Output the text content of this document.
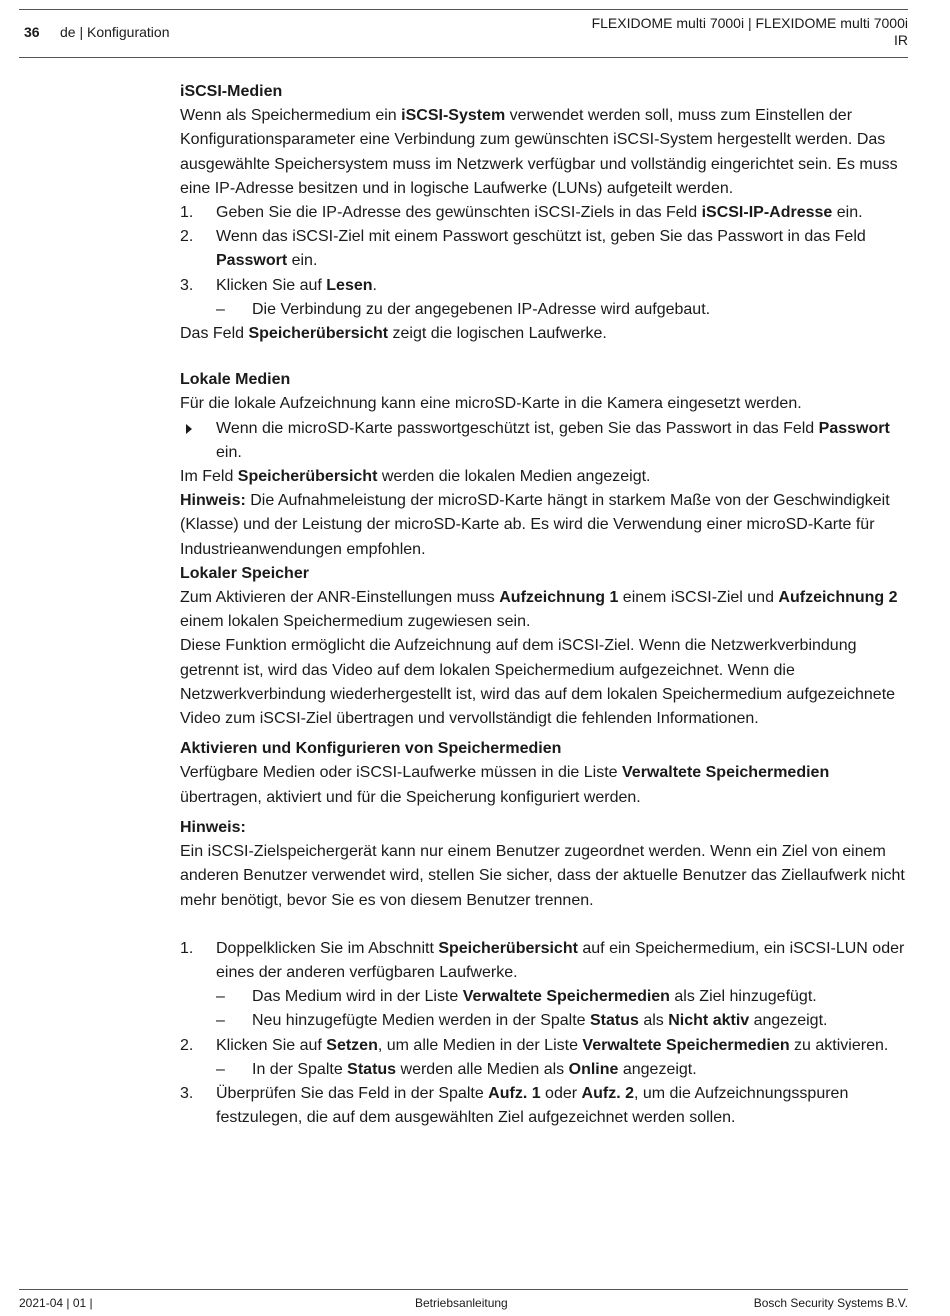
36 de | Konfiguration
FLEXIDOME multi 7000i | FLEXIDOME multi 7000i
IR

iSCSI-Medien

Wenn als Speichermedium ein iSCSI-System verwendet werden soll, muss zum Einstellen der Konfigurationsparameter eine Verbindung zum gewünschten iSCSI-System hergestellt werden. Das ausgewählte Speichersystem muss im Netzwerk verfügbar und vollständig eingerichtet sein. Es muss eine IP-Adresse besitzen und in logische Laufwerke (LUNs) aufgeteilt werden.

1. Geben Sie die IP-Adresse des gewünschten iSCSI-Ziels in das Feld iSCSI-IP-Adresse ein.
2. Wenn das iSCSI-Ziel mit einem Passwort geschützt ist, geben Sie das Passwort in das Feld Passwort ein.
3. Klicken Sie auf Lesen.
– Die Verbindung zu der angegebenen IP-Adresse wird aufgebaut.

Das Feld Speicherübersicht zeigt die logischen Laufwerke.

Lokale Medien

Für die lokale Aufzeichnung kann eine microSD-Karte in die Kamera eingesetzt werden.

Wenn die microSD-Karte passwortgeschützt ist, geben Sie das Passwort in das Feld Passwort ein.

Im Feld Speicherübersicht werden die lokalen Medien angezeigt.

Hinweis: Die Aufnahmeleistung der microSD-Karte hängt in starkem Maße von der Geschwindigkeit (Klasse) und der Leistung der microSD-Karte ab. Es wird die Verwendung einer microSD-Karte für Industrieanwendungen empfohlen.

Lokaler Speicher

Zum Aktivieren der ANR-Einstellungen muss Aufzeichnung 1 einem iSCSI-Ziel und Aufzeichnung 2 einem lokalen Speichermedium zugewiesen sein.

Diese Funktion ermöglicht die Aufzeichnung auf dem iSCSI-Ziel. Wenn die Netzwerkverbindung getrennt ist, wird das Video auf dem lokalen Speichermedium aufgezeichnet. Wenn die Netzwerkverbindung wiederhergestellt ist, wird das auf dem lokalen Speichermedium aufgezeichnete Video zum iSCSI-Ziel übertragen und vervollständigt die fehlenden Informationen.

Aktivieren und Konfigurieren von Speichermedien

Verfügbare Medien oder iSCSI-Laufwerke müssen in die Liste Verwaltete Speichermedien übertragen, aktiviert und für die Speicherung konfiguriert werden.

Hinweis:

Ein iSCSI-Zielspeichergerät kann nur einem Benutzer zugeordnet werden. Wenn ein Ziel von einem anderen Benutzer verwendet wird, stellen Sie sicher, dass der aktuelle Benutzer das Ziellaufwerk nicht mehr benötigt, bevor Sie es von diesem Benutzer trennen.

1. Doppelklicken Sie im Abschnitt Speicherübersicht auf ein Speichermedium, ein iSCSI-LUN oder eines der anderen verfügbaren Laufwerke.
– Das Medium wird in der Liste Verwaltete Speichermedien als Ziel hinzugefügt.
– Neu hinzugefügte Medien werden in der Spalte Status als Nicht aktiv angezeigt.
2. Klicken Sie auf Setzen, um alle Medien in der Liste Verwaltete Speichermedien zu aktivieren.
– In der Spalte Status werden alle Medien als Online angezeigt.
3. Überprüfen Sie das Feld in der Spalte Aufz. 1 oder Aufz. 2, um die Aufzeichnungsspuren festzulegen, die auf dem ausgewählten Ziel aufgezeichnet werden sollen.
2021-04 | 01 |	Betriebsanleitung	Bosch Security Systems B.V.
